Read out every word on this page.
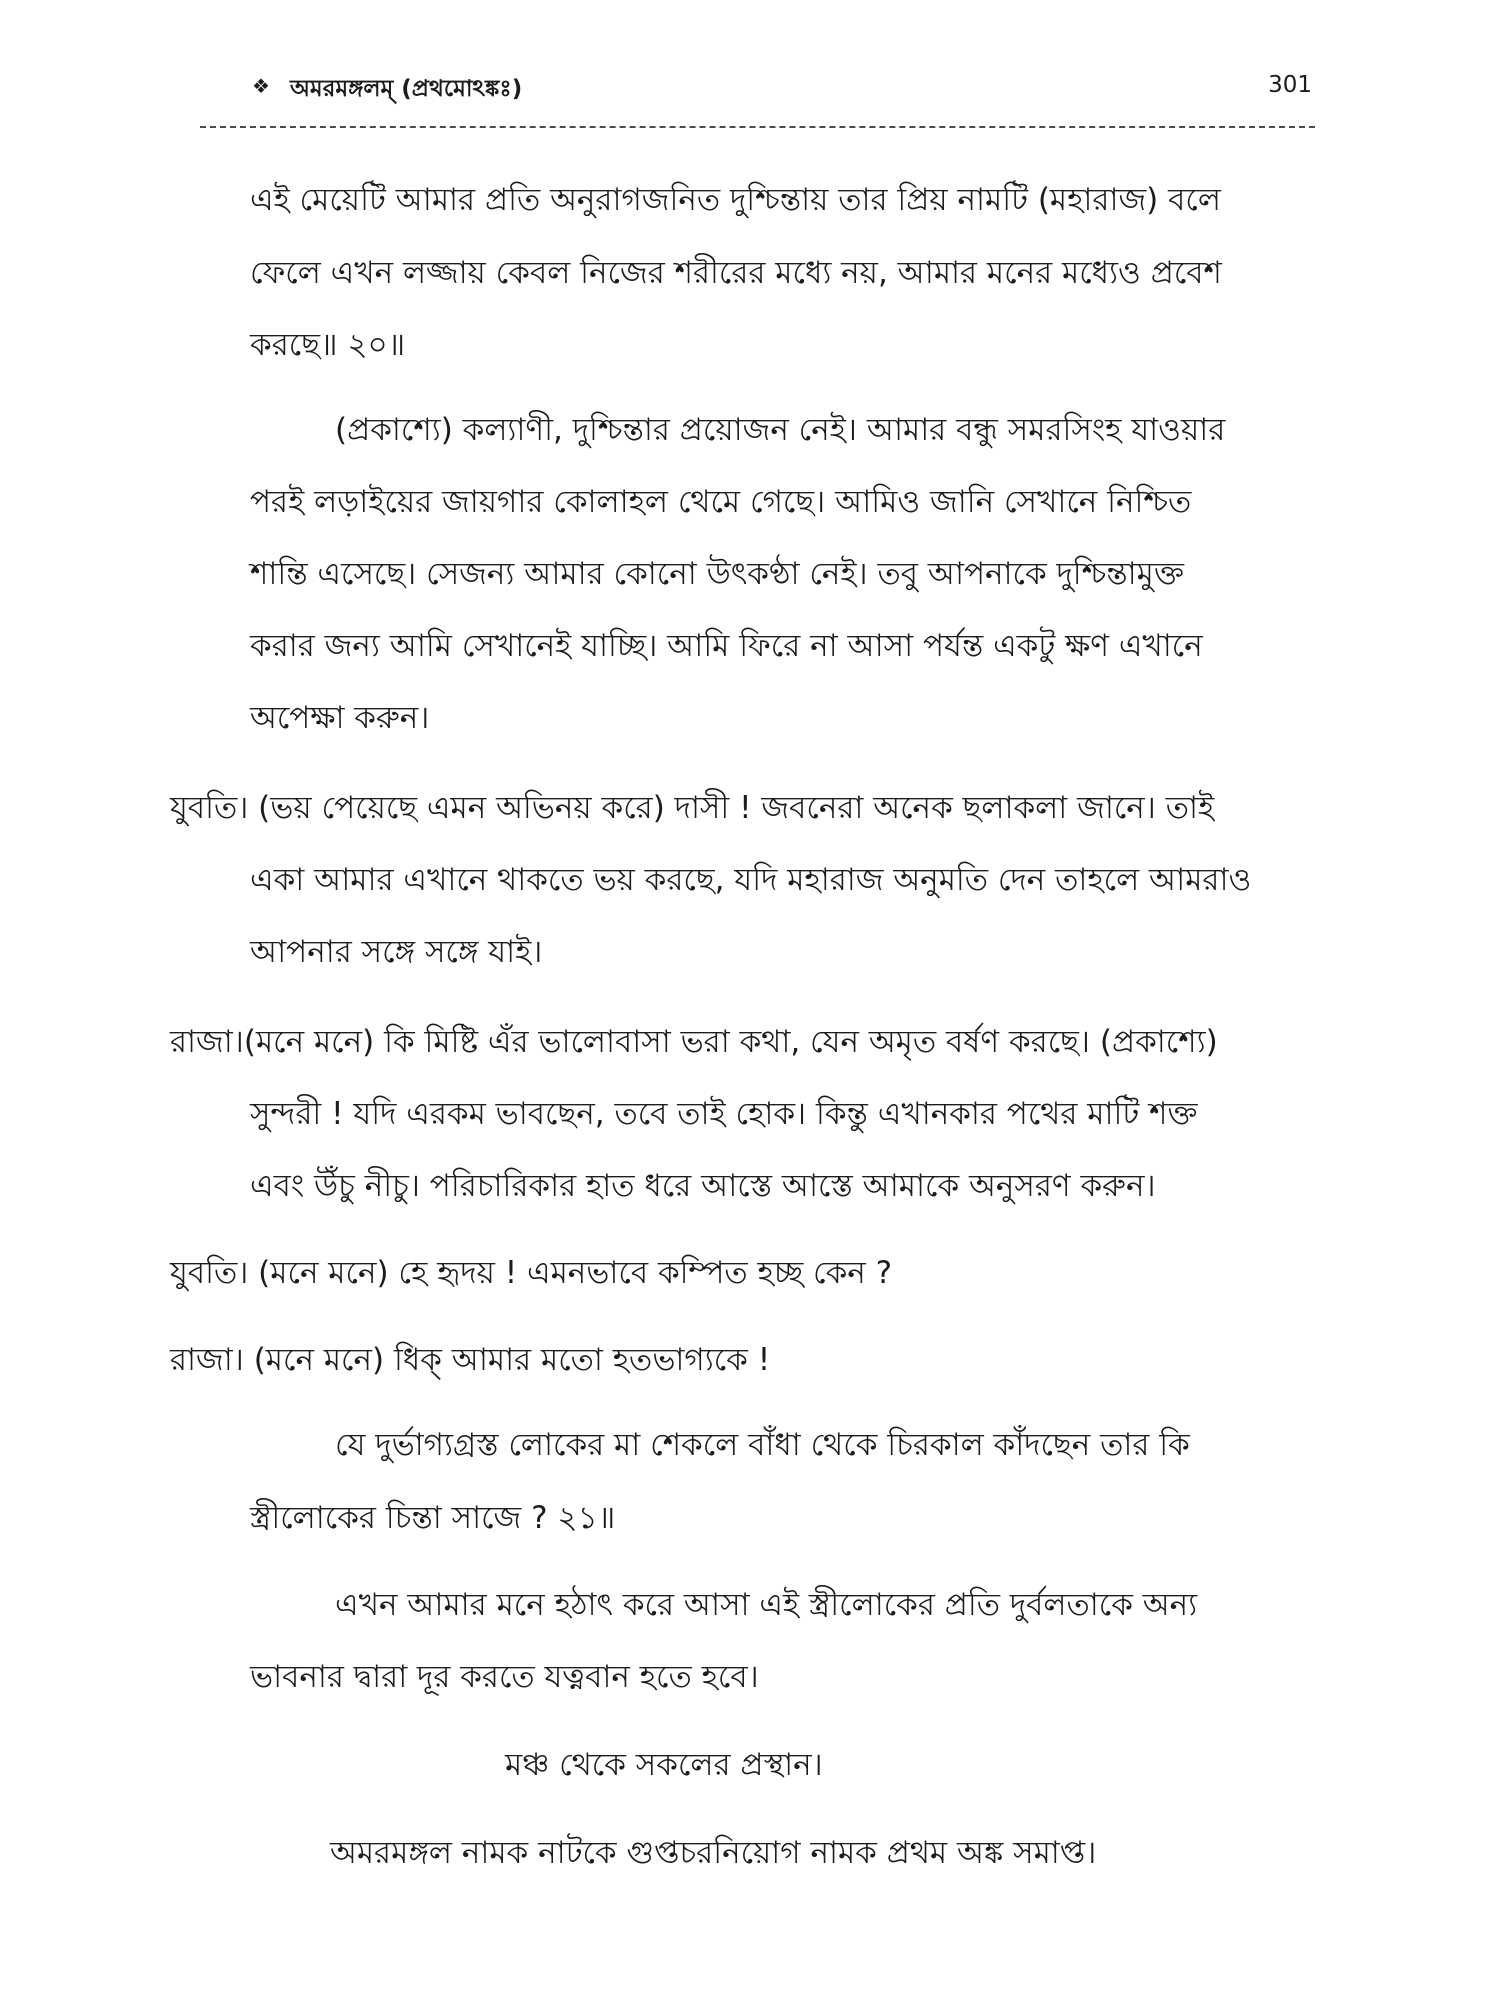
❖ অমরমঙ্গলম্ (প্রথমোঽঙ্কঃ)	301
এই মেয়েটি আমার প্রতি অনুরাগজনিত দুশ্চিন্তায় তার প্রিয় নামটি (মহারাজ) বলে
ফেলে এখন লজ্জায় কেবল নিজের শরীরের মধ্যে নয়, আমার মনের মধ্যেও প্রবেশ
করছে॥ ২০॥
(প্রকাশ্যে) কল্যাণী, দুশ্চিন্তার প্রয়োজন নেই। আমার বন্ধু সমরসিংহ যাওয়ার
পরই লড়াইয়ের জায়গার কোলাহল থেমে গেছে। আমিও জানি সেখানে নিশ্চিত
শান্তি এসেছে। সেজন্য আমার কোনো উৎকণ্ঠা নেই। তবু আপনাকে দুশ্চিন্তামুক্ত
করার জন্য আমি সেখানেই যাচ্ছি। আমি ফিরে না আসা পর্যন্ত একটু ক্ষণ এখানে
অপেক্ষা করুন।
যুবতি। (ভয় পেয়েছে এমন অভিনয় করে) দাসী ! জবনেরা অনেক ছলাকলা জানে। তাই
একা আমার এখানে থাকতে ভয় করছে, যদি মহারাজ অনুমতি দেন তাহলে আমরাও
আপনার সঙ্গে সঙ্গে যাই।
রাজা।(মনে মনে) কি মিষ্টি এঁর ভালোবাসা ভরা কথা, যেন অমৃত বর্ষণ করছে। (প্রকাশ্যে)
সুন্দরী ! যদি এরকম ভাবছেন, তবে তাই হোক। কিন্তু এখানকার পথের মাটি শক্ত
এবং উঁচু নীচু। পরিচারিকার হাত ধরে আস্তে আস্তে আমাকে অনুসরণ করুন।
যুবতি। (মনে মনে) হে হৃদয় ! এমনভাবে কম্পিত হচ্ছ কেন ?
রাজা। (মনে মনে) ধিক্ আমার মতো হতভাগ্যকে !
যে দুর্ভাগ্যগ্রস্ত লোকের মা শেকলে বাঁধা থেকে চিরকাল কাঁদছেন তার কি
স্ত্রীলোকের চিন্তা সাজে ? ২১॥
এখন আমার মনে হঠাৎ করে আসা এই স্ত্রীলোকের প্রতি দুর্বলতাকে অন্য
ভাবনার দ্বারা দূর করতে যত্নবান হতে হবে।
মঞ্চ থেকে সকলের প্রস্থান।
অমরমঙ্গল নামক নাটকে গুপ্তচরনিয়োগ নামক প্রথম অঙ্ক সমাপ্ত।
